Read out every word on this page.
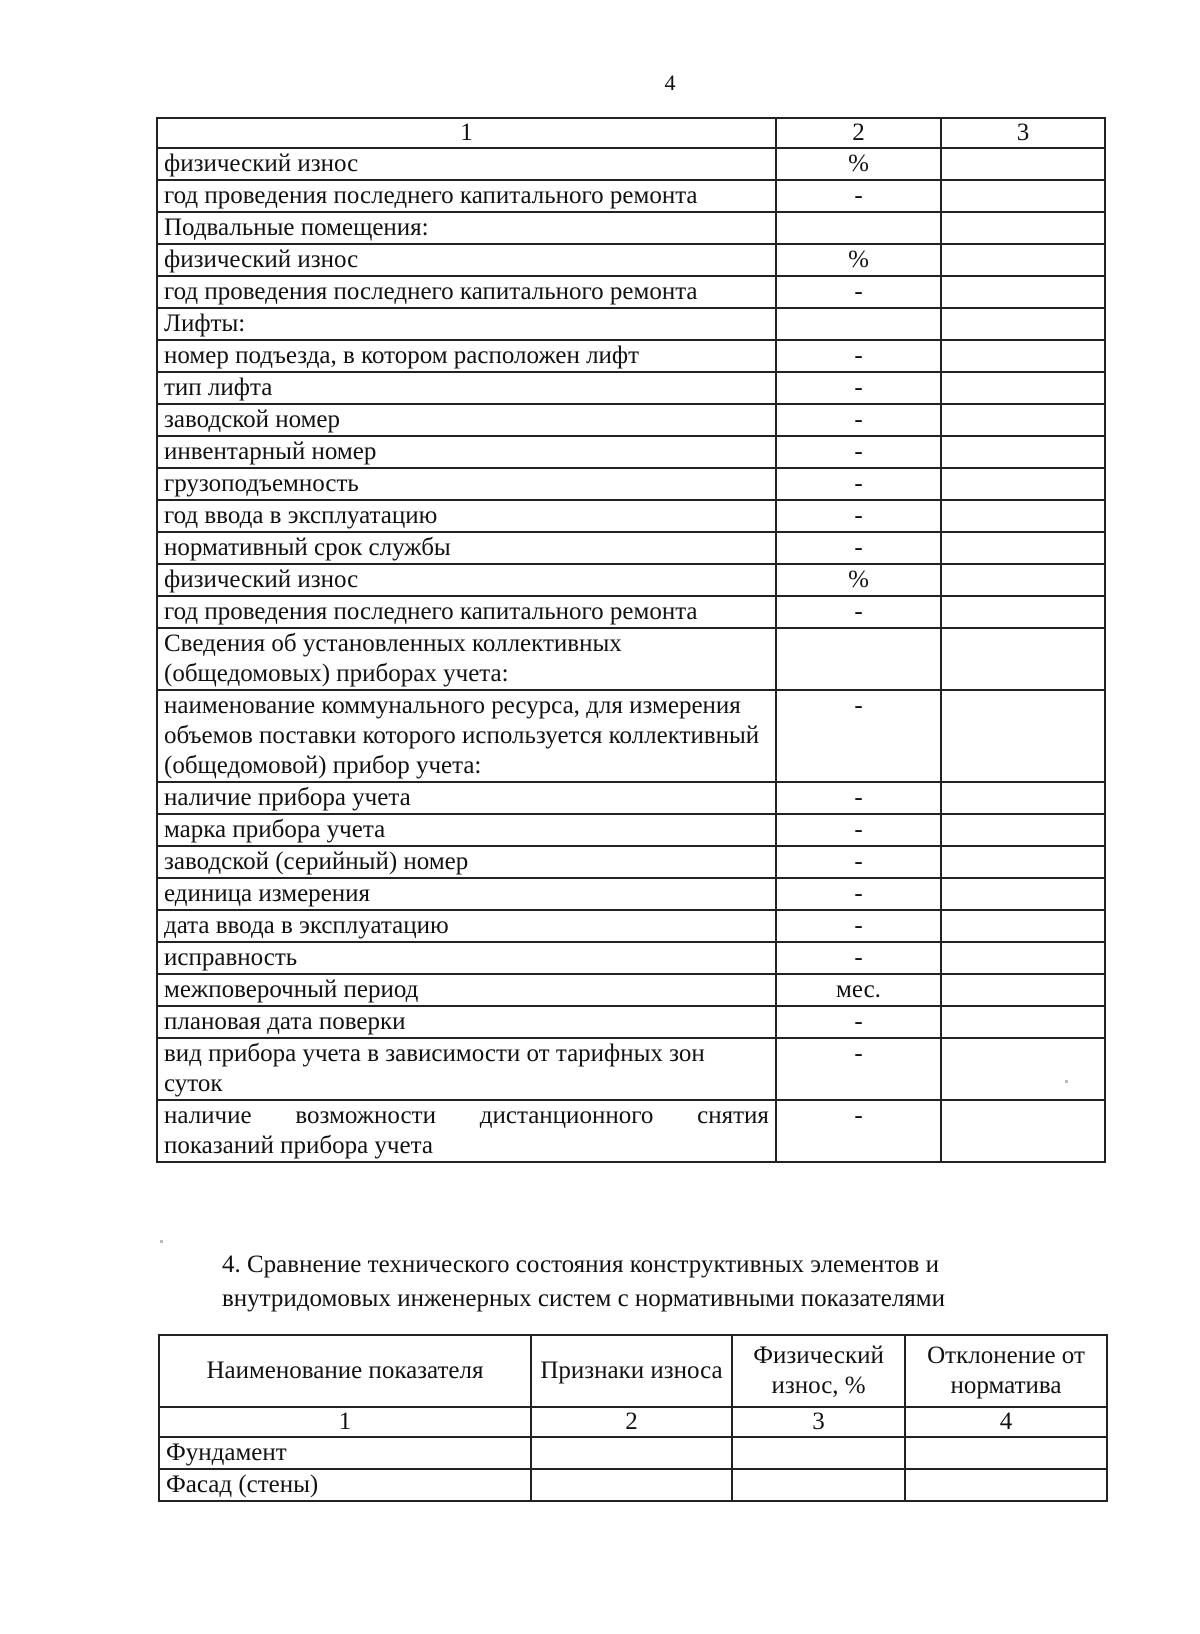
4
1	2	3
физический износ	%	
год проведения последнего капитального ремонта	-	
Подвальные помещения:		
физический износ	%	
год проведения последнего капитального ремонта	-	
Лифты:		
номер подъезда, в котором расположен лифт	-	
тип лифта	-	
заводской номер	-	
инвентарный номер	-	
грузоподъемность	-	
год ввода в эксплуатацию	-	
нормативный срок службы	-	
физический износ	%	
год проведения последнего капитального ремонта	-	
Сведения об установленных коллективных (общедомовых) приборах учета:		
наименование коммунального ресурса, для измерения объемов поставки которого используется коллективный (общедомовой) прибор учета:	-	
наличие прибора учета	-	
марка прибора учета	-	
заводской (серийный) номер	-	
единица измерения	-	
дата ввода в эксплуатацию	-	
исправность	-	
межповерочный период	мес.	
плановая дата поверки	-	
вид прибора учета в зависимости от тарифных зон суток	-	
наличие возможности дистанционного снятия показаний прибора учета	-	
4. Сравнение технического состояния конструктивных элементов и
внутридомовых инженерных систем с нормативными показателями
Наименование показателя	Признаки износа	Физический износ, %	Отклонение от норматива
1	2	3	4
Фундамент			
Фасад (стены)			
